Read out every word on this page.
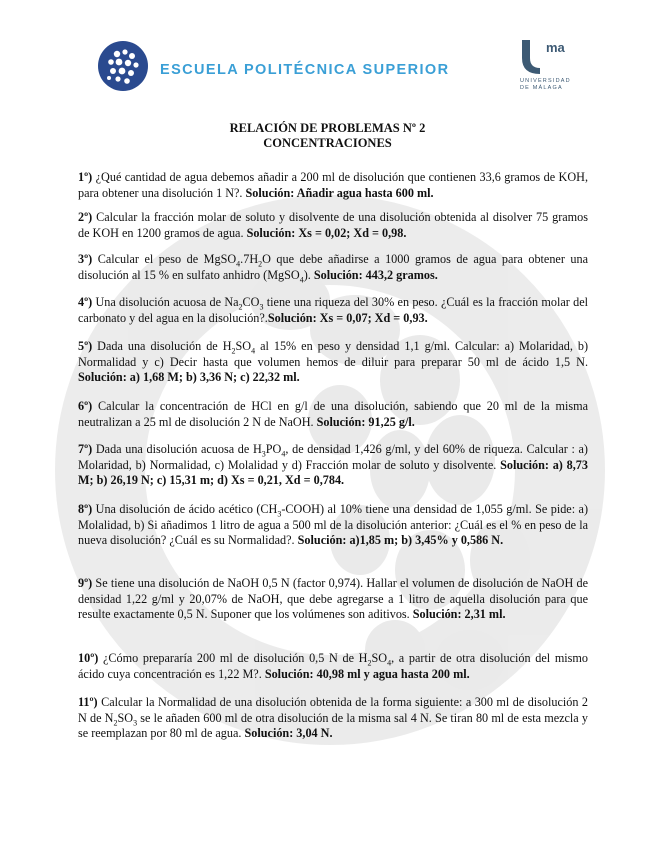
ESCUELA POLITÉCNICA SUPERIOR
ma
UNIVERSIDAD
DE MÁLAGA
RELACIÓN DE PROBLEMAS Nº 2
CONCENTRACIONES
1º) ¿Qué cantidad de agua debemos añadir a 200 ml de disolución que contienen 33,6 gramos de KOH, para obtener una disolución 1 N?. Solución: Añadir agua hasta 600 ml.
2º) Calcular la fracción molar de soluto y disolvente de una disolución obtenida al disolver 75 gramos de KOH en 1200 gramos de agua. Solución: Xs = 0,02; Xd = 0,98.
3º) Calcular el peso de $MgSO_4.7H_2O$ que debe añadirse a 1000 gramos de agua para obtener una disolución al 15 % en sulfato anhidro (MgSO$_4$). Solución: 443,2 gramos.
4º) Una disolución acuosa de $Na_2CO_3$ tiene una riqueza del 30% en peso. ¿Cuál es la fracción molar del carbonato y del agua en la disolución?.Solución: Xs = 0,07; Xd = 0,93.
5º) Dada una disolución de $H_2SO_4$ al 15% en peso y densidad 1,1 g/ml. Calcular: a) Molaridad, b) Normalidad y c) Decir hasta que volumen hemos de diluir para preparar 50 ml de ácido 1,5 N. Solución: a) 1,68 M; b) 3,36 N; c) 22,32 ml.
6º) Calcular la concentración de HCl en g/l de una disolución, sabiendo que 20 ml de la misma neutralizan a 25 ml de disolución 2 N de NaOH. Solución: 91,25 g/l.
7º) Dada una disolución acuosa de $H_3PO_4$, de densidad 1,426 g/ml, y del 60% de riqueza. Calcular : a) Molaridad, b) Normalidad, c) Molalidad y d) Fracción molar de soluto y disolvente. Solución: a) 8,73 M; b) 26,19 N; c) 15,31 m; d) Xs = 0,21, Xd = 0,784.
8º) Una disolución de ácido acético $(CH_3-COOH)$ al 10% tiene una densidad de 1,055 g/ml. Se pide: a) Molalidad, b) Si añadimos 1 litro de agua a 500 ml de la disolución anterior: ¿Cuál es el % en peso de la nueva disolución? ¿Cuál es su Normalidad?. Solución: a)1,85 m; b) 3,45% y 0,586 N.
9º) Se tiene una disolución de NaOH 0,5 N (factor 0,974). Hallar el volumen de disolución de NaOH de densidad 1,22 g/ml y 20,07% de NaOH, que debe agregarse a 1 litro de aquella disolución para que resulte exactamente 0,5 N. Suponer que los volúmenes son aditivos. Solución: 2,31 ml.
10º) ¿Cómo prepararía 200 ml de disolución 0,5 N de $H_2SO_4$, a partir de otra disolución del mismo ácido cuya concentración es 1,22 M?. Solución: 40,98 ml y agua hasta 200 ml.
11º) Calcular la Normalidad de una disolución obtenida de la forma siguiente: a 300 ml de disolución 2 N de $N_2SO_3$ se le añaden 600 ml de otra disolución de la misma sal 4 N. Se tiran 80 ml de esta mezcla y se reemplazan por 80 ml de agua. Solución: 3,04 N.
